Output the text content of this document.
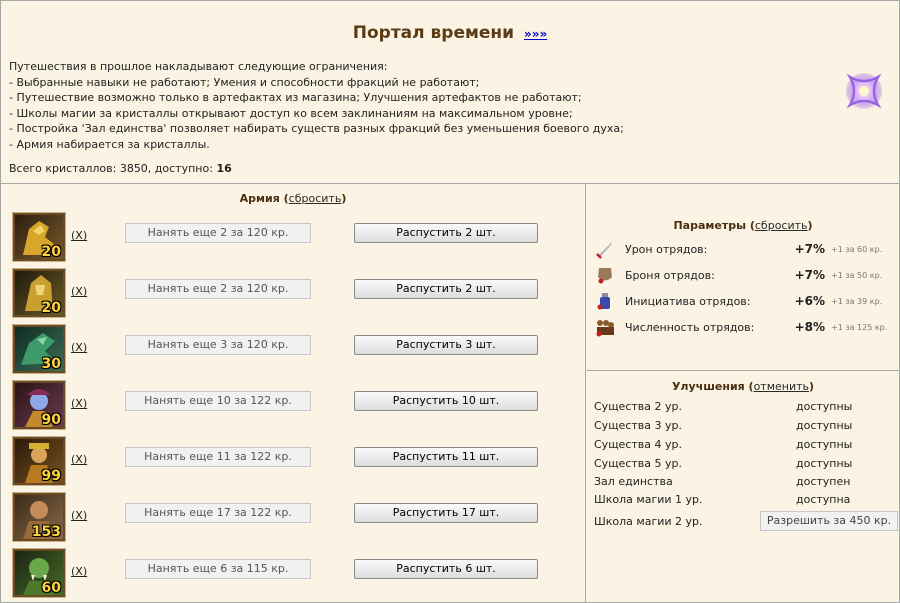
Портал времени »»»
Путешествия в прошлое накладывают следующие ограничения:
- Выбранные навыки не работают; Умения и способности фракций не работают;
- Путешествие возможно только в артефактах из магазина; Улучшения артефактов не работают;
- Школы магии за кристаллы открывают доступ ко всем заклинаниям на максимальном уровне;
- Постройка 'Зал единства' позволяет набирать существ разных фракций без уменьшения боевого духа;
- Армия набирается за кристаллы.
Всего кристаллов: 3850, доступно: 16
Армия (сбросить)
20
(X)	Нанять еще 2 за 120 кр.	Распустить 2 шт.
20
(X)	Нанять еще 2 за 120 кр.	Распустить 2 шт.
30
(X)	Нанять еще 3 за 120 кр.	Распустить 3 шт.
90
(X)	Нанять еще 10 за 122 кр.	Распустить 10 шт.
99
(X)	Нанять еще 11 за 122 кр.	Распустить 11 шт.
153
(X)	Нанять еще 17 за 122 кр.	Распустить 17 шт.
60
(X)	Нанять еще 6 за 115 кр.	Распустить 6 шт.
Параметры (сбросить)
Урон отрядов:	+7% +1 за 60 кр.
Броня отрядов:	+7% +1 за 50 кр.
Инициатива отрядов:	+6% +1 за 39 кр.
Численность отрядов:	+8% +1 за 125 кр.
Улучшения (отменить)
Существа 2 ур.	доступны
Существа 3 ур.	доступны
Существа 4 ур.	доступны
Существа 5 ур.	доступны
Зал единства	доступен
Школа магии 1 ур.	доступна
Школа магии 2 ур.	Разрешить за 450 кр.
